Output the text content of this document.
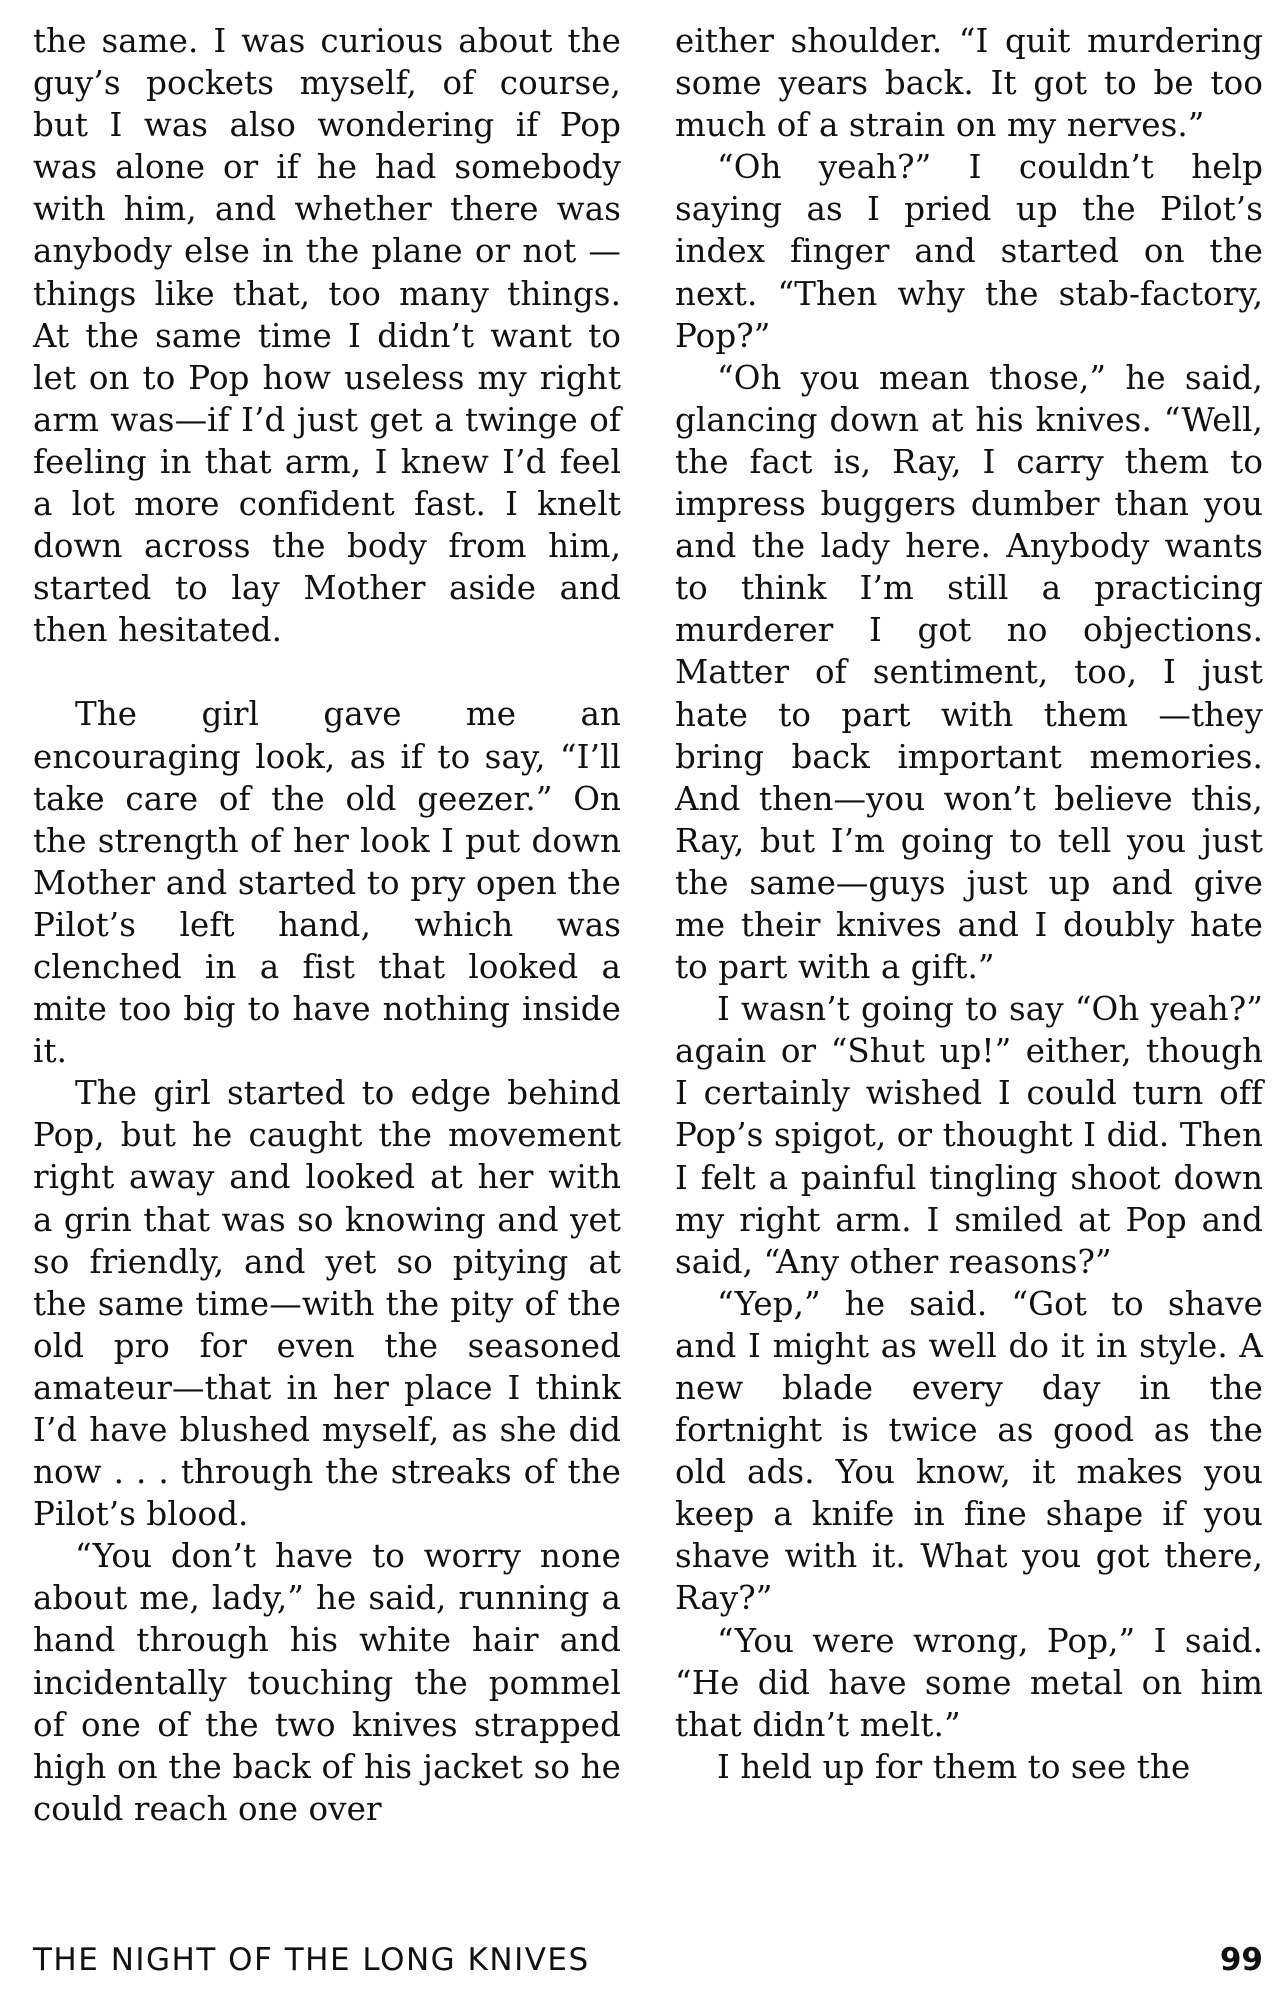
the same. I was curious about the guy’s pockets myself, of course, but I was also wondering if Pop was alone or if he had somebody with him, and whether there was anybody else in the plane or not —things like that, too many things. At the same time I didn’t want to let on to Pop how useless my right arm was—if I’d just get a twinge of feeling in that arm, I knew I’d feel a lot more confident fast. I knelt down across the body from him, started to lay Mother aside and then hesitated.

The girl gave me an encouraging look, as if to say, “I’ll take care of the old geezer.” On the strength of her look I put down Mother and started to pry open the Pilot’s left hand, which was clenched in a fist that looked a mite too big to have nothing inside it.

The girl started to edge behind Pop, but he caught the movement right away and looked at her with a grin that was so knowing and yet so friendly, and yet so pitying at the same time—with the pity of the old pro for even the seasoned amateur—that in her place I think I’d have blushed myself, as she did now . . . through the streaks of the Pilot’s blood.

“You don’t have to worry none about me, lady,” he said, running a hand through his white hair and incidentally touching the pommel of one of the two knives strapped high on the back of his jacket so he could reach one over

either shoulder. “I quit murdering some years back. It got to be too much of a strain on my nerves.”

“Oh yeah?” I couldn’t help saying as I pried up the Pilot’s index finger and started on the next. “Then why the stab-factory, Pop?”

“Oh you mean those,” he said, glancing down at his knives. “Well, the fact is, Ray, I carry them to impress buggers dumber than you and the lady here. Anybody wants to think I’m still a practicing murderer I got no objections. Matter of sentiment, too, I just hate to part with them —they bring back important memories. And then—you won’t believe this, Ray, but I’m going to tell you just the same—guys just up and give me their knives and I doubly hate to part with a gift.”

I wasn’t going to say “Oh yeah?” again or “Shut up!” either, though I certainly wished I could turn off Pop’s spigot, or thought I did. Then I felt a painful tingling shoot down my right arm. I smiled at Pop and said, “Any other reasons?”

“Yep,” he said. “Got to shave and I might as well do it in style. A new blade every day in the fortnight is twice as good as the old ads. You know, it makes you keep a knife in fine shape if you shave with it. What you got there, Ray?”

“You were wrong, Pop,” I said. “He did have some metal on him that didn’t melt.”

I held up for them to see the

THE NIGHT OF THE LONG KNIVES	99
